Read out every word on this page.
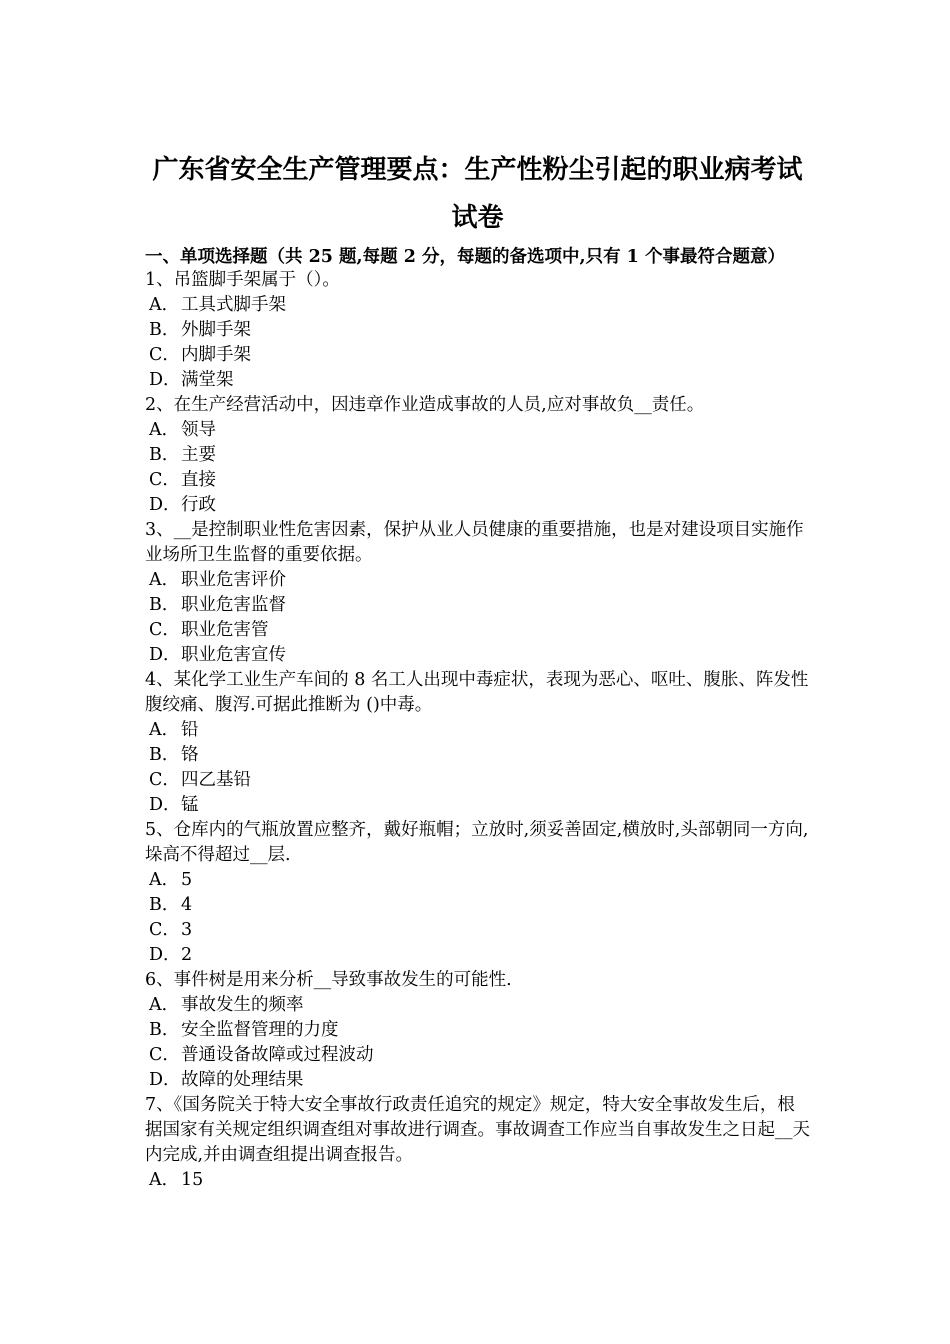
广东省安全生产管理要点：生产性粉尘引起的职业病考试
试卷
一、单项选择题（共 25 题,每题 2 分，每题的备选项中,只有 1 个事最符合题意）
1、吊篮脚手架属于（）。
A． 工具式脚手架
B．外脚手架
C．内脚手架
D．满堂架
2、在生产经营活动中，因违章作业造成事故的人员,应对事故负__责任。
A． 领导
B．主要
C．直接
D．行政
3、__是控制职业性危害因素，保护从业人员健康的重要措施，也是对建设项目实施作业场所卫生监督的重要依据。
A． 职业危害评价
B．职业危害监督
C．职业危害管
D．职业危害宣传
4、某化学工业生产车间的 8 名工人出现中毒症状，表现为恶心、呕吐、腹胀、阵发性腹绞痛、腹泻.可据此推断为 ()中毒。
A． 铅
B．铬
C．四乙基铅
D．锰
5、仓库内的气瓶放置应整齐，戴好瓶帽；立放时,须妥善固定,横放时,头部朝同一方向,垛高不得超过__层.
A． 5
B．4
C．3
D．2
6、事件树是用来分析__导致事故发生的可能性.
A． 事故发生的频率
B．安全监督管理的力度
C．普通设备故障或过程波动
D．故障的处理结果
7、《国务院关于特大安全事故行政责任追究的规定》规定，特大安全事故发生后，根据国家有关规定组织调查组对事故进行调查。事故调查工作应当自事故发生之日起__天内完成,并由调查组提出调查报告。
A． 15
